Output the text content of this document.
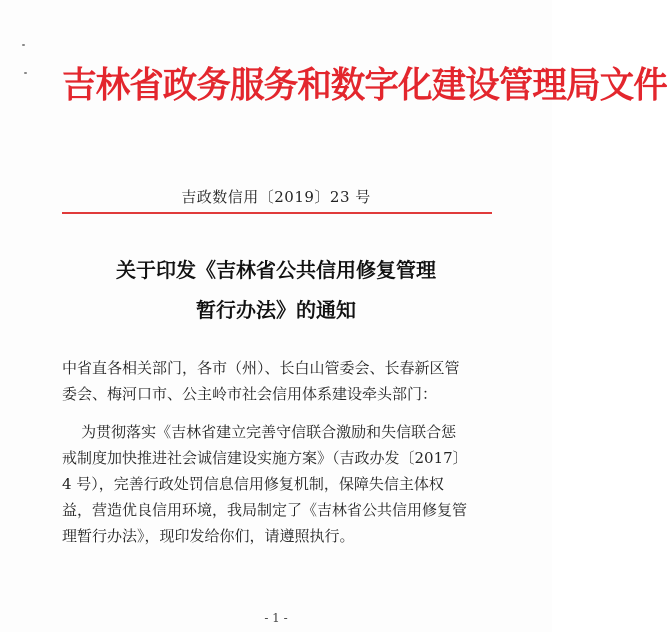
吉林省政务服务和数字化建设管理局文件
吉政数信用〔2019〕23 号
关于印发《吉林省公共信用修复管理
暂行办法》的通知
中省直各相关部门，各市（州）、长白山管委会、长春新区管
委会、梅河口市、公主岭市社会信用体系建设牵头部门：
为贯彻落实《吉林省建立完善守信联合激励和失信联合惩
戒制度加快推进社会诚信建设实施方案》（吉政办发〔2017〕
4 号），完善行政处罚信息信用修复机制，保障失信主体权
益，营造优良信用环境，我局制定了《吉林省公共信用修复管
理暂行办法》，现印发给你们，请遵照执行。
- 1 -
